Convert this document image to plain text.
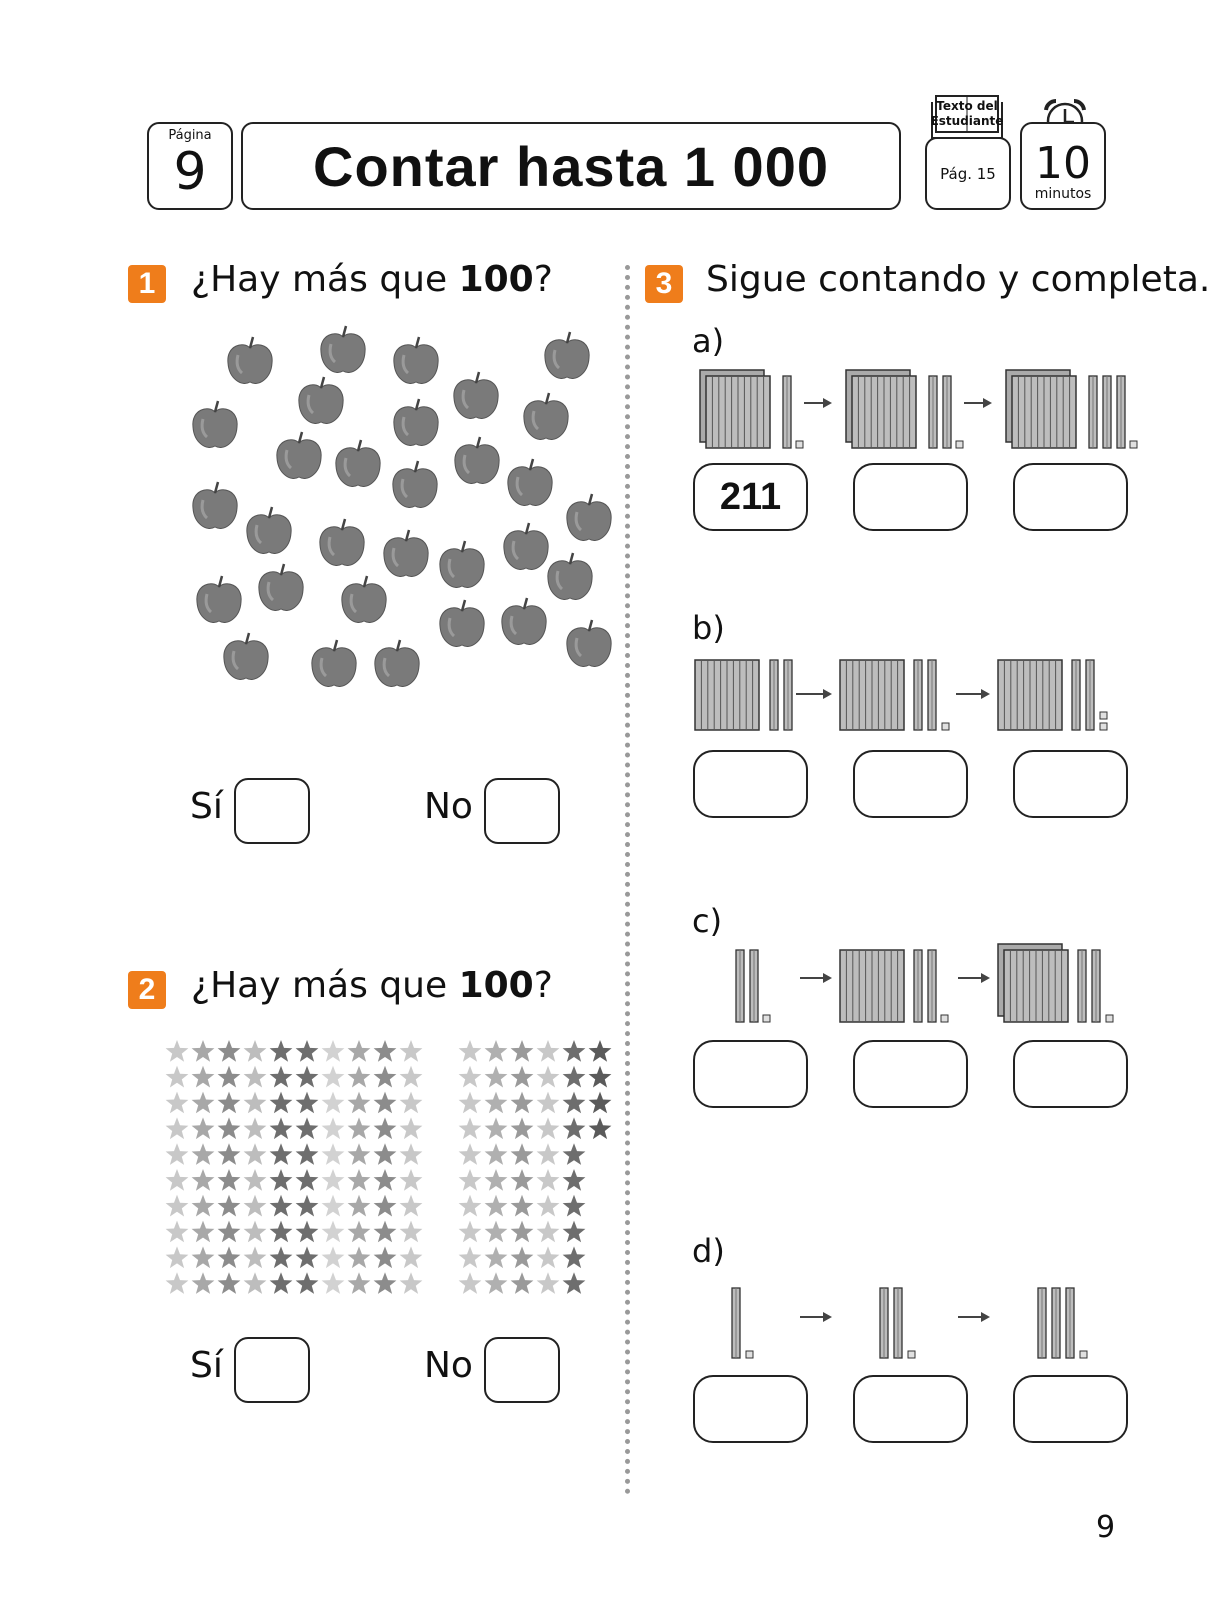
Página
9	Contar hasta 1 000
Texto del
Estudiante
Pág. 15 10
minutos
1 ¿Hay más que 100?
Sí	No
2 ¿Hay más que 100?
Sí	No
3 Sigue contando y completa.
a)
b)
c)
d)
211
9
